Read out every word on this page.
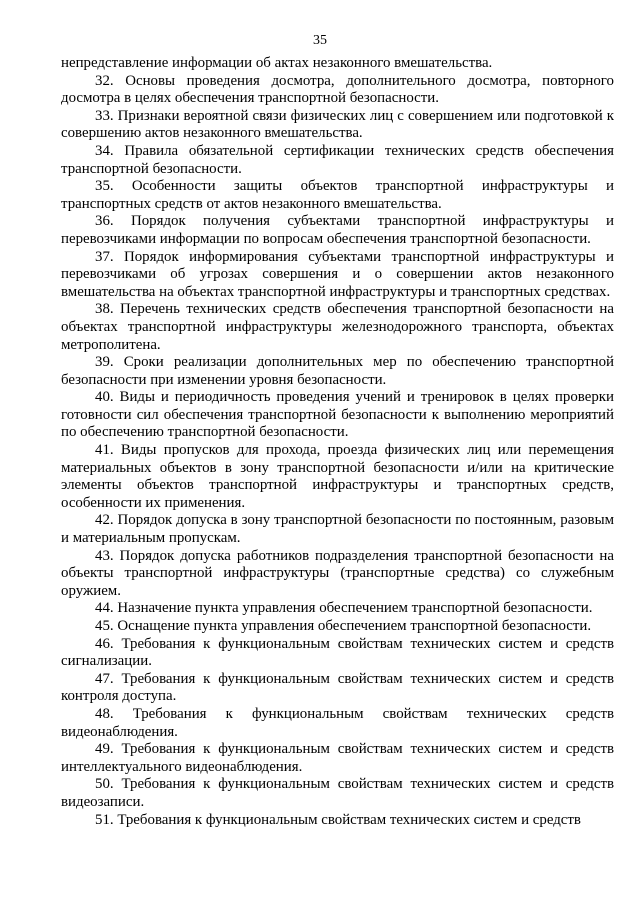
35

непредставление информации об актах незаконного вмешательства.

32. Основы проведения досмотра, дополнительного досмотра, повторного досмотра в целях обеспечения транспортной безопасности.

33. Признаки вероятной связи физических лиц с совершением или подготовкой к совершению актов незаконного вмешательства.

34. Правила обязательной сертификации технических средств обеспечения транспортной безопасности.

35. Особенности защиты объектов транспортной инфраструктуры и транспортных средств от актов незаконного вмешательства.

36. Порядок получения субъектами транспортной инфраструктуры и перевозчиками информации по вопросам обеспечения транспортной безопасности.

37. Порядок информирования субъектами транспортной инфраструктуры и перевозчиками об угрозах совершения и о совершении актов незаконного вмешательства на объектах транспортной инфраструктуры и транспортных средствах.

38. Перечень технических средств обеспечения транспортной безопасности на объектах транспортной инфраструктуры железнодорожного транспорта, объектах метрополитена.

39. Сроки реализации дополнительных мер по обеспечению транспортной безопасности при изменении уровня безопасности.

40. Виды и периодичность проведения учений и тренировок в целях проверки готовности сил обеспечения транспортной безопасности к выполнению мероприятий по обеспечению транспортной безопасности.

41. Виды пропусков для прохода, проезда физических лиц или перемещения материальных объектов в зону транспортной безопасности и/или на критические элементы объектов транспортной инфраструктуры и транспортных средств, особенности их применения.

42. Порядок допуска в зону транспортной безопасности по постоянным, разовым и материальным пропускам.

43. Порядок допуска работников подразделения транспортной безопасности на объекты транспортной инфраструктуры (транспортные средства) со служебным оружием.

44. Назначение пункта управления обеспечением транспортной безопасности.

45. Оснащение пункта управления обеспечением транспортной безопасности.

46. Требования к функциональным свойствам технических систем и средств сигнализации.

47. Требования к функциональным свойствам технических систем и средств контроля доступа.

48. Требования к функциональным свойствам технических средств видеонаблюдения.

49. Требования к функциональным свойствам технических систем и средств интеллектуального видеонаблюдения.

50. Требования к функциональным свойствам технических систем и средств видеозаписи.

51. Требования к функциональным свойствам технических систем и средств
